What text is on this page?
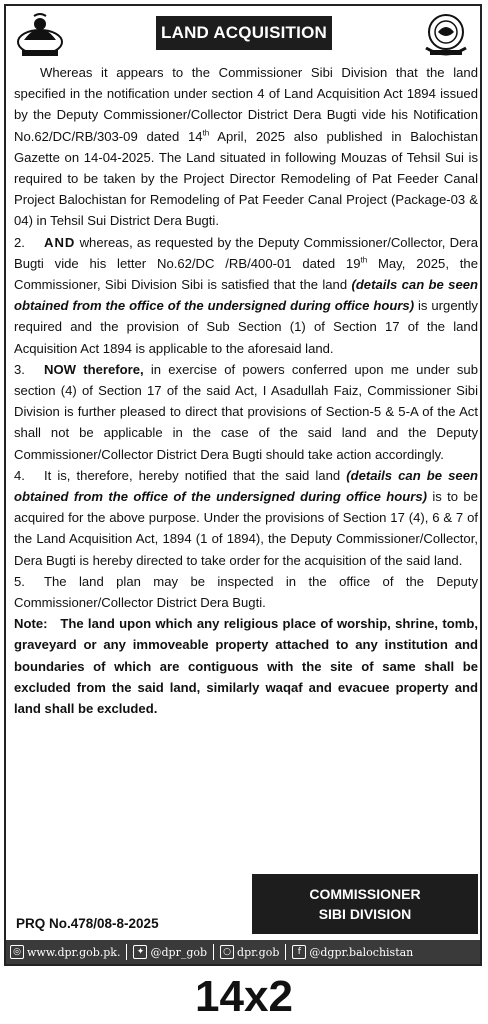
LAND ACQUISITION

Whereas it appears to the Commissioner Sibi Division that the land specified in the notification under section 4 of Land Acquisition Act 1894 issued by the Deputy Commissioner/Collector District Dera Bugti vide his Notification No.62/DC/RB/303-09 dated 14th April, 2025 also published in Balochistan Gazette on 14-04-2025. The Land situated in following Mouzas of Tehsil Sui is required to be taken by the Project Director Remodeling of Pat Feeder Canal Project Balochistan for Remodeling of Pat Feeder Canal Project (Package-03 & 04) in Tehsil Sui District Dera Bugti.

2. AND whereas, as requested by the Deputy Commissioner/Collector, Dera Bugti vide his letter No.62/DC /RB/400-01 dated 19th May, 2025, the Commissioner, Sibi Division Sibi is satisfied that the land (details can be seen obtained from the office of the undersigned during office hours) is urgently required and the provision of Sub Section (1) of Section 17 of the land Acquisition Act 1894 is applicable to the aforesaid land.

3. NOW therefore, in exercise of powers conferred upon me under sub section (4) of Section 17 of the said Act, I Asadullah Faiz, Commissioner Sibi Division is further pleased to direct that provisions of Section-5 & 5-A of the Act shall not be applicable in the case of the said land and the Deputy Commissioner/Collector District Dera Bugti should take action accordingly.

4. It is, therefore, hereby notified that the said land (details can be seen obtained from the office of the undersigned during office hours) is to be acquired for the above purpose. Under the provisions of Section 17 (4), 6 & 7 of the Land Acquisition Act, 1894 (1 of 1894), the Deputy Commissioner/Collector, Dera Bugti is hereby directed to take order for the acquisition of the said land.

5. The land plan may be inspected in the office of the Deputy Commissioner/Collector District Dera Bugti.

Note: The land upon which any religious place of worship, shrine, tomb, graveyard or any immoveable property attached to any institution and boundaries of which are contiguous with the site of same shall be excluded from the said land, similarly waqaf and evacuee property and land shall be excluded.

COMMISSIONER
SIBI DIVISION
PRQ No.478/08-8-2025
◎ www.dpr.gob.pk.	✦ @dpr_gob	○ dpr.gob	f @dgpr.balochistan
14x2
